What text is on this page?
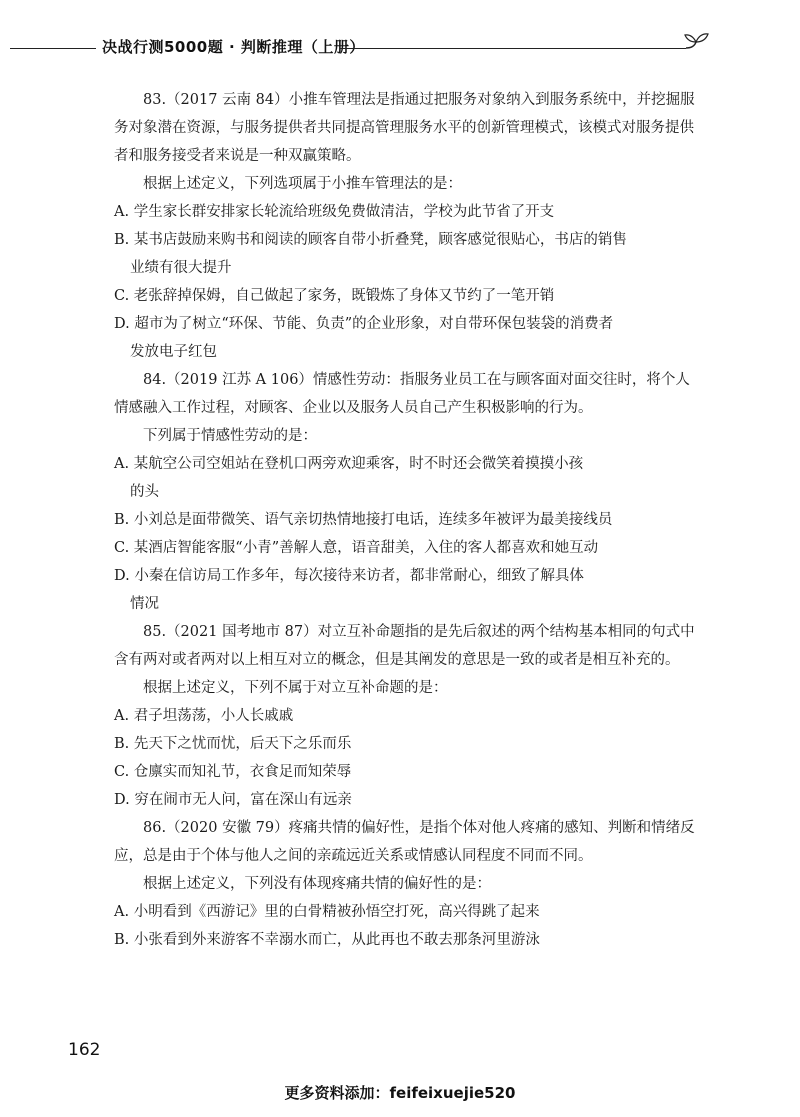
决战行测5000题 · 判断推理（上册）

83.（2017 云南 84）小推车管理法是指通过把服务对象纳入到服务系统中，并挖掘服务对象潜在资源，与服务提供者共同提高管理服务水平的创新管理模式，该模式对服务提供者和服务接受者来说是一种双赢策略。

根据上述定义，下列选项属于小推车管理法的是：

A. 学生家长群安排家长轮流给班级免费做清洁，学校为此节省了开支

B. 某书店鼓励来购书和阅读的顾客自带小折叠凳，顾客感觉很贴心，书店的销售
业绩有很大提升

C. 老张辞掉保姆，自己做起了家务，既锻炼了身体又节约了一笔开销

D. 超市为了树立“环保、节能、负责”的企业形象，对自带环保包装袋的消费者
发放电子红包

84.（2019 江苏 A 106）情感性劳动：指服务业员工在与顾客面对面交往时，将个人情感融入工作过程，对顾客、企业以及服务人员自己产生积极影响的行为。

下列属于情感性劳动的是：

A. 某航空公司空姐站在登机口两旁欢迎乘客，时不时还会微笑着摸摸小孩
的头

B. 小刘总是面带微笑、语气亲切热情地接打电话，连续多年被评为最美接线员

C. 某酒店智能客服“小青”善解人意，语音甜美，入住的客人都喜欢和她互动

D. 小秦在信访局工作多年，每次接待来访者，都非常耐心，细致了解具体
情况

85.（2021 国考地市 87）对立互补命题指的是先后叙述的两个结构基本相同的句式中含有两对或者两对以上相互对立的概念，但是其阐发的意思是一致的或者是相互补充的。

根据上述定义，下列不属于对立互补命题的是：

A. 君子坦荡荡，小人长戚戚

B. 先天下之忧而忧，后天下之乐而乐

C. 仓廪实而知礼节，衣食足而知荣辱

D. 穷在闹市无人问，富在深山有远亲

86.（2020 安徽 79）疼痛共情的偏好性，是指个体对他人疼痛的感知、判断和情绪反应，总是由于个体与他人之间的亲疏远近关系或情感认同程度不同而不同。

根据上述定义，下列没有体现疼痛共情的偏好性的是：

A. 小明看到《西游记》里的白骨精被孙悟空打死，高兴得跳了起来

B. 小张看到外来游客不幸溺水而亡，从此再也不敢去那条河里游泳

162
更多资料添加：feifeixuejie520
